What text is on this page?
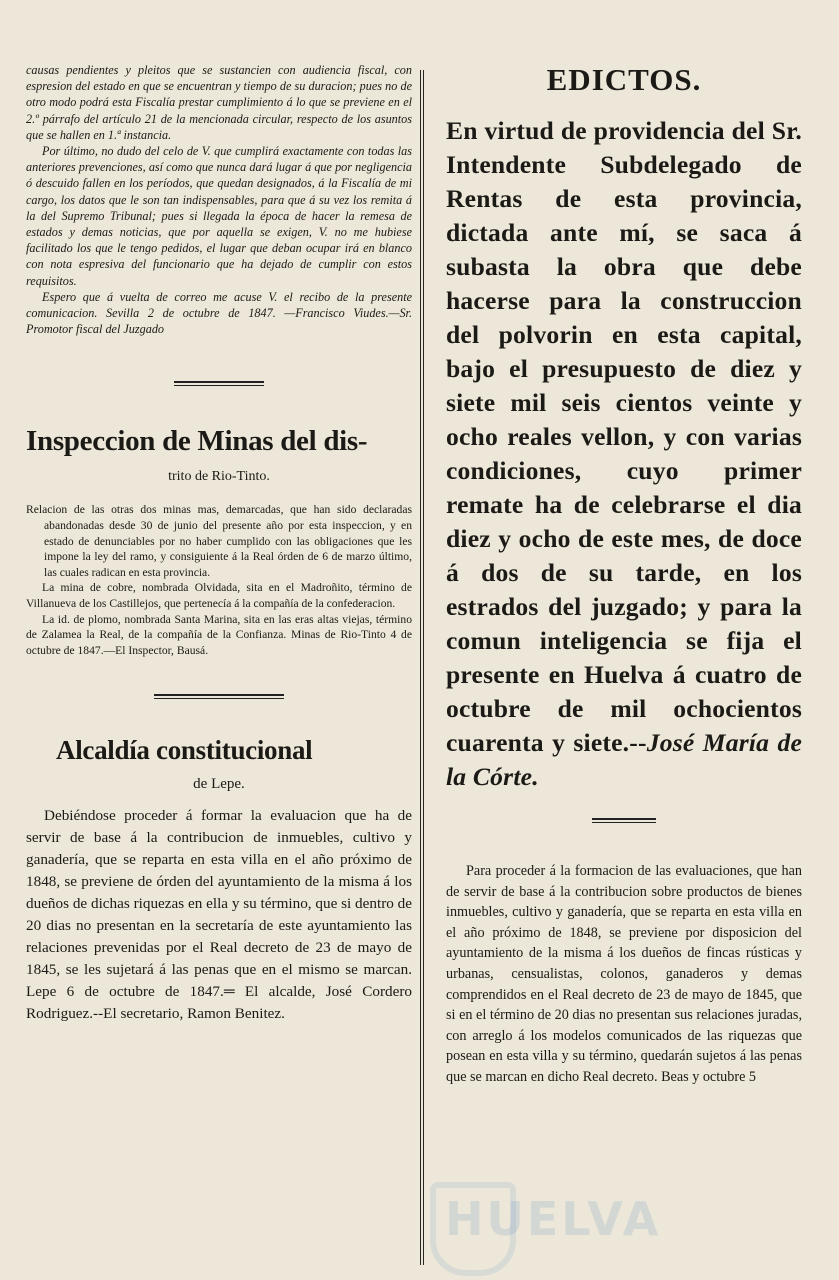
causas pendientes y pleitos que se sustancien con audiencia fiscal, con espresion del estado en que se encuentran y tiempo de su duracion; pues no de otro modo podrá esta Fiscalía prestar cumplimiento á lo que se previene en el 2.º párrafo del artículo 21 de la mencionada circular, respecto de los asuntos que se hallen en 1.ª instancia.

Por último, no dudo del celo de V. que cumplirá exactamente con todas las anteriores prevenciones, así como que nunca dará lugar á que por negligencia ó descuido fallen en los períodos, que quedan designados, á la Fiscalía de mi cargo, los datos que le son tan indispensables, para que á su vez los remita á la del Supremo Tribunal; pues si llegada la época de hacer la remesa de estados y demas noticias, que por aquella se exigen, V. no me hubiese facilitado los que le tengo pedidos, el lugar que deban ocupar irá en blanco con nota espresiva del funcionario que ha dejado de cumplir con estos requisitos.

Espero que á vuelta de correo me acuse V. el recibo de la presente comunicacion. Sevilla 2 de octubre de 1847. —Francisco Viudes.—Sr. Promotor fiscal del Juzgado

Inspeccion de Minas del dis-
trito de Rio-Tinto.

Relacion de las otras dos minas mas, demarcadas, que han sido declaradas abandonadas desde 30 de junio del presente año por esta inspeccion, y en estado de denunciables por no haber cumplido con las obligaciones que les impone la ley del ramo, y consiguiente á la Real órden de 6 de marzo último, las cuales radican en esta provincia.

La mina de cobre, nombrada Olvidada, sita en el Madroñito, término de Villanueva de los Castillejos, que pertenecía á la compañía de la confederacion.

La id. de plomo, nombrada Santa Marina, sita en las eras altas viejas, término de Zalamea la Real, de la compañía de la Confianza. Minas de Rio-Tinto 4 de octubre de 1847.—El Inspector, Bausá.

Alcaldía constitucional
de Lepe.

Debiéndose proceder á formar la evaluacion que ha de servir de base á la contribucion de inmuebles, cultivo y ganadería, que se reparta en esta villa en el año próximo de 1848, se previene de órden del ayuntamiento de la misma á los dueños de dichas riquezas en ella y su término, que si dentro de 20 dias no presentan en la secretaría de este ayuntamiento las relaciones prevenidas por el Real decreto de 23 de mayo de 1845, se les sujetará á las penas que en el mismo se marcan. Lepe 6 de octubre de 1847.═ El alcalde, José Cordero Rodriguez.--El secretario, Ramon Benitez.

EDICTOS.

En virtud de providencia del Sr. Intendente Subdelegado de Rentas de esta provincia, dictada ante mí, se saca á subasta la obra que debe hacerse para la construccion del polvorin en esta capital, bajo el presupuesto de diez y siete mil seis cientos veinte y ocho reales vellon, y con varias condiciones, cuyo primer remate ha de celebrarse el dia diez y ocho de este mes, de doce á dos de su tarde, en los estrados del juzgado; y para la comun inteligencia se fija el presente en Huelva á cuatro de octubre de mil ochocientos cuarenta y siete.--José María de la Córte.

Para proceder á la formacion de las evaluaciones, que han de servir de base á la contribucion sobre productos de bienes inmuebles, cultivo y ganadería, que se reparta en esta villa en el año próximo de 1848, se previene por disposicion del ayuntamiento de la misma á los dueños de fincas rústicas y urbanas, censualistas, colonos, ganaderos y demas comprendidos en el Real decreto de 23 de mayo de 1845, que si en el término de 20 dias no presentan sus relaciones juradas, con arreglo á los modelos comunicados de las riquezas que posean en esta villa y su término, quedarán sujetos á las penas que se marcan en dicho Real decreto. Beas y octubre 5

HUELVA
